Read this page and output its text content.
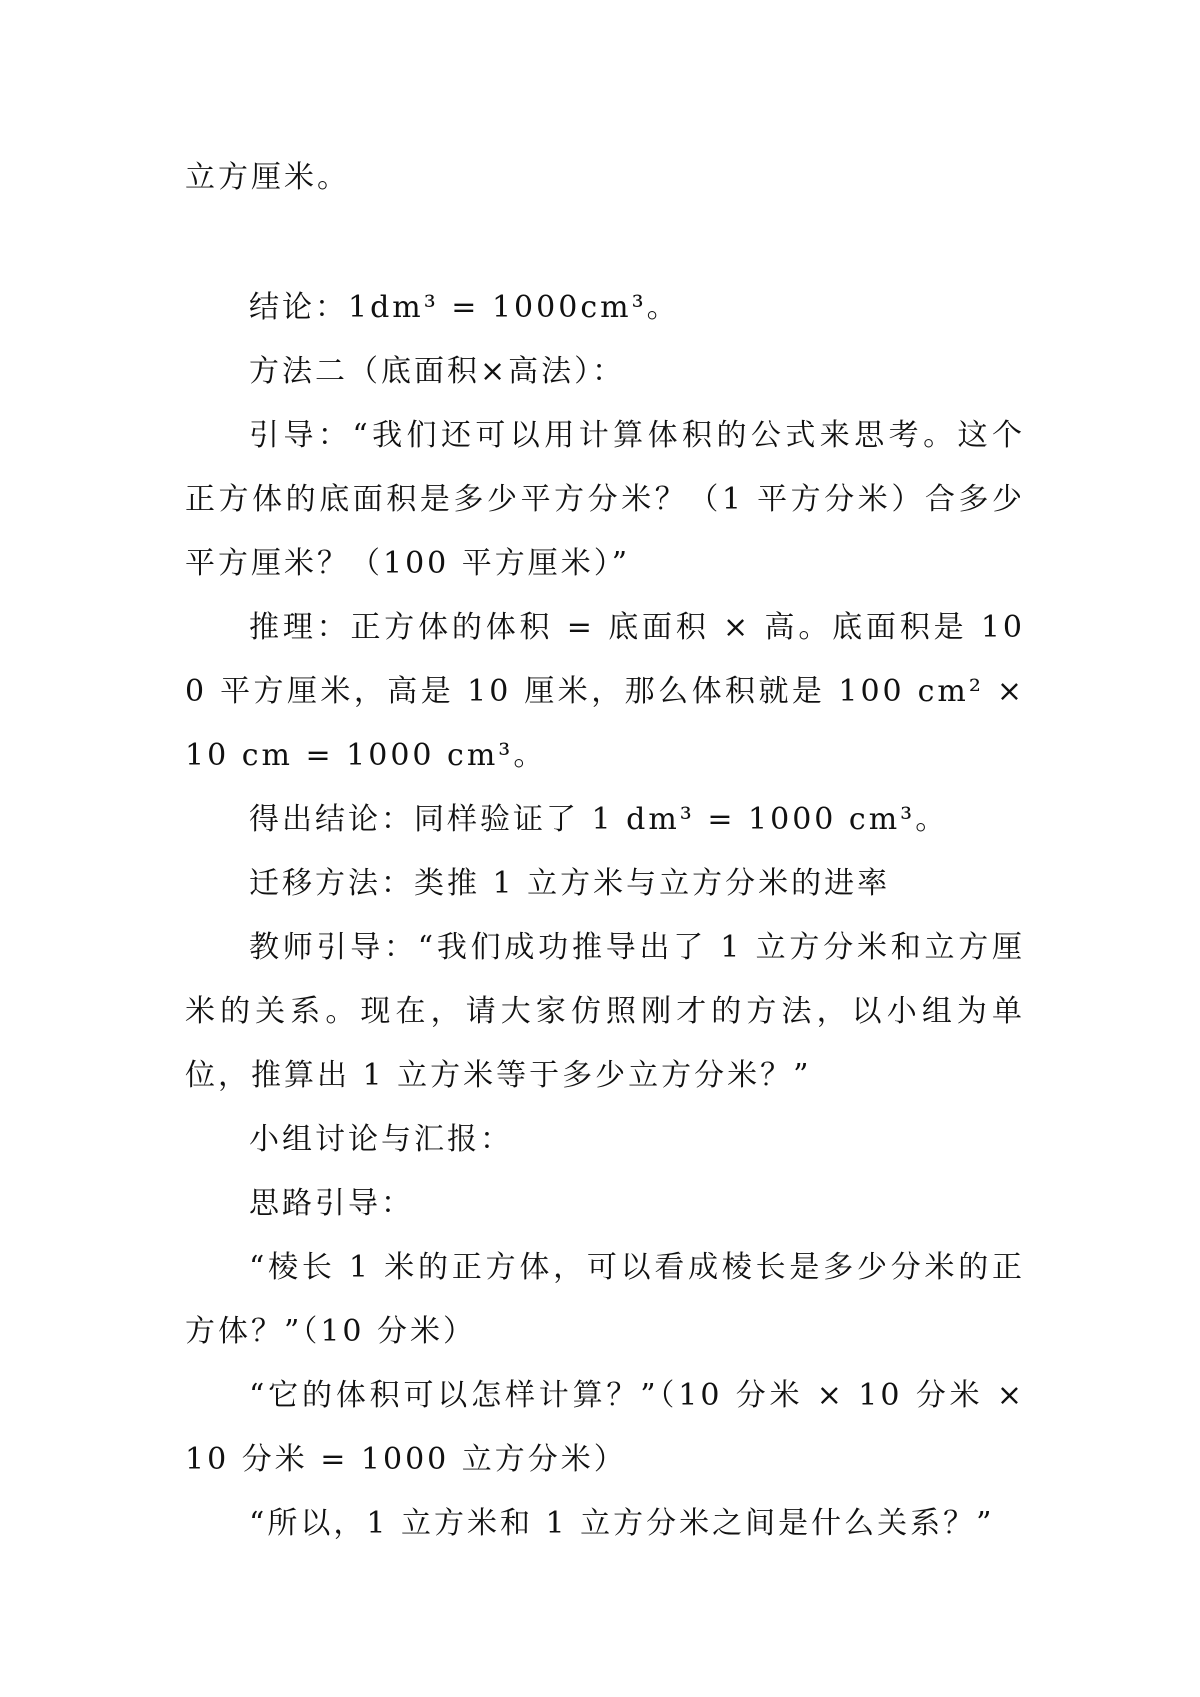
立方厘米。

结论：1dm³ = 1000cm³。

方法二（底面积×高法）：

引导：“我们还可以用计算体积的公式来思考。这个正方体的底面积是多少平方分米？（1 平方分米）合多少平方厘米？（100 平方厘米）”

推理：正方体的体积 = 底面积 × 高。底面积是 100 平方厘米，高是 10 厘米，那么体积就是 100 cm² × 10 cm = 1000 cm³。

得出结论：同样验证了 1 dm³ = 1000 cm³。

迁移方法：类推 1 立方米与立方分米的进率

教师引导：“我们成功推导出了 1 立方分米和立方厘米的关系。现在，请大家仿照刚才的方法，以小组为单位，推算出 1 立方米等于多少立方分米？”

小组讨论与汇报：

思路引导：

“棱长 1 米的正方体，可以看成棱长是多少分米的正方体？”（10 分米）

“它的体积可以怎样计算？”（10 分米 × 10 分米 × 10 分米 = 1000 立方分米）

“所以，1 立方米和 1 立方分米之间是什么关系？”
